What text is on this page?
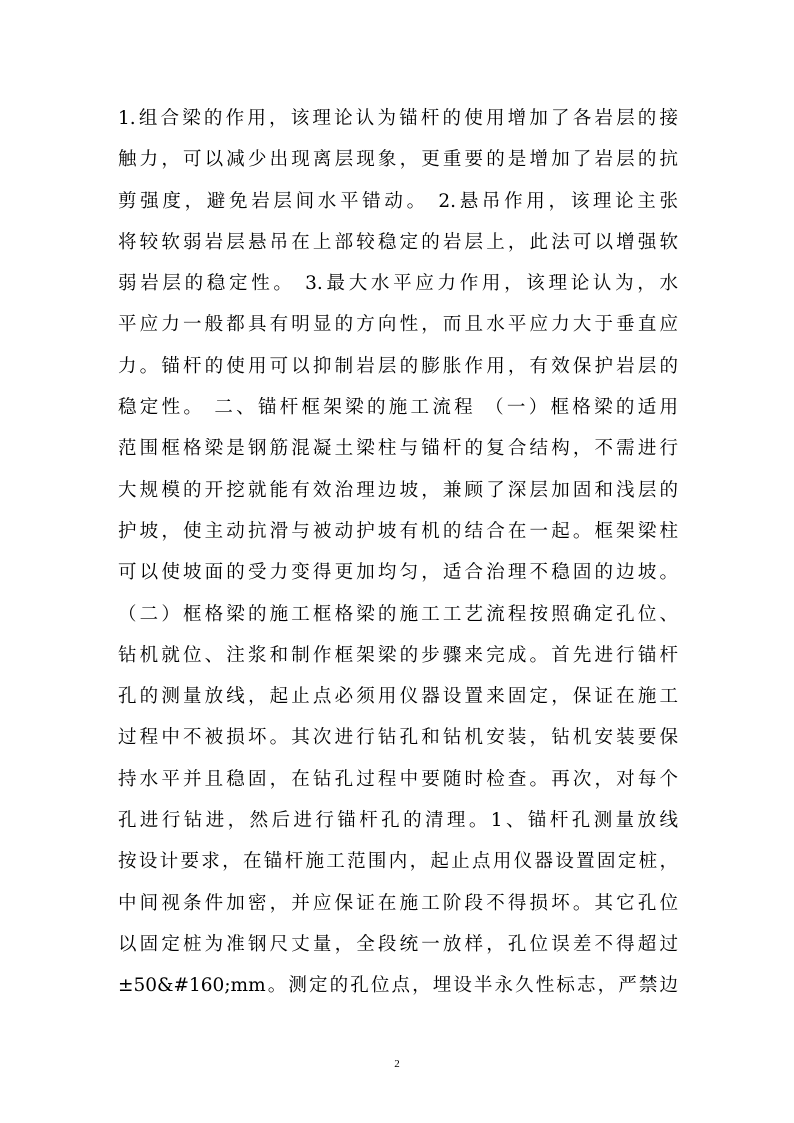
1.组合梁的作用，该理论认为锚杆的使用增加了各岩层的接
触力，可以减少出现离层现象，更重要的是增加了岩层的抗
剪强度，避免岩层间水平错动。 2.悬吊作用，该理论主张
将较软弱岩层悬吊在上部较稳定的岩层上，此法可以增强软
弱岩层的稳定性。 3.最大水平应力作用，该理论认为，水
平应力一般都具有明显的方向性，而且水平应力大于垂直应
力。锚杆的使用可以抑制岩层的膨胀作用，有效保护岩层的
稳定性。 二、锚杆框架梁的施工流程 （一）框格梁的适用
范围框格梁是钢筋混凝土梁柱与锚杆的复合结构，不需进行
大规模的开挖就能有效治理边坡，兼顾了深层加固和浅层的
护坡，使主动抗滑与被动护坡有机的结合在一起。框架梁柱
可以使坡面的受力变得更加均匀，适合治理不稳固的边坡。
（二）框格梁的施工框格梁的施工工艺流程按照确定孔位、
钻机就位、注浆和制作框架梁的步骤来完成。首先进行锚杆
孔的测量放线，起止点必须用仪器设置来固定，保证在施工
过程中不被损坏。其次进行钻孔和钻机安装，钻机安装要保
持水平并且稳固，在钻孔过程中要随时检查。再次，对每个
孔进行钻进，然后进行锚杆孔的清理。1、锚杆孔测量放线
按设计要求，在锚杆施工范围内，起止点用仪器设置固定桩，
中间视条件加密，并应保证在施工阶段不得损坏。其它孔位
以固定桩为准钢尺丈量，全段统一放样，孔位误差不得超过
±50&#160;mm。测定的孔位点，埋设半永久性标志，严禁边
2
